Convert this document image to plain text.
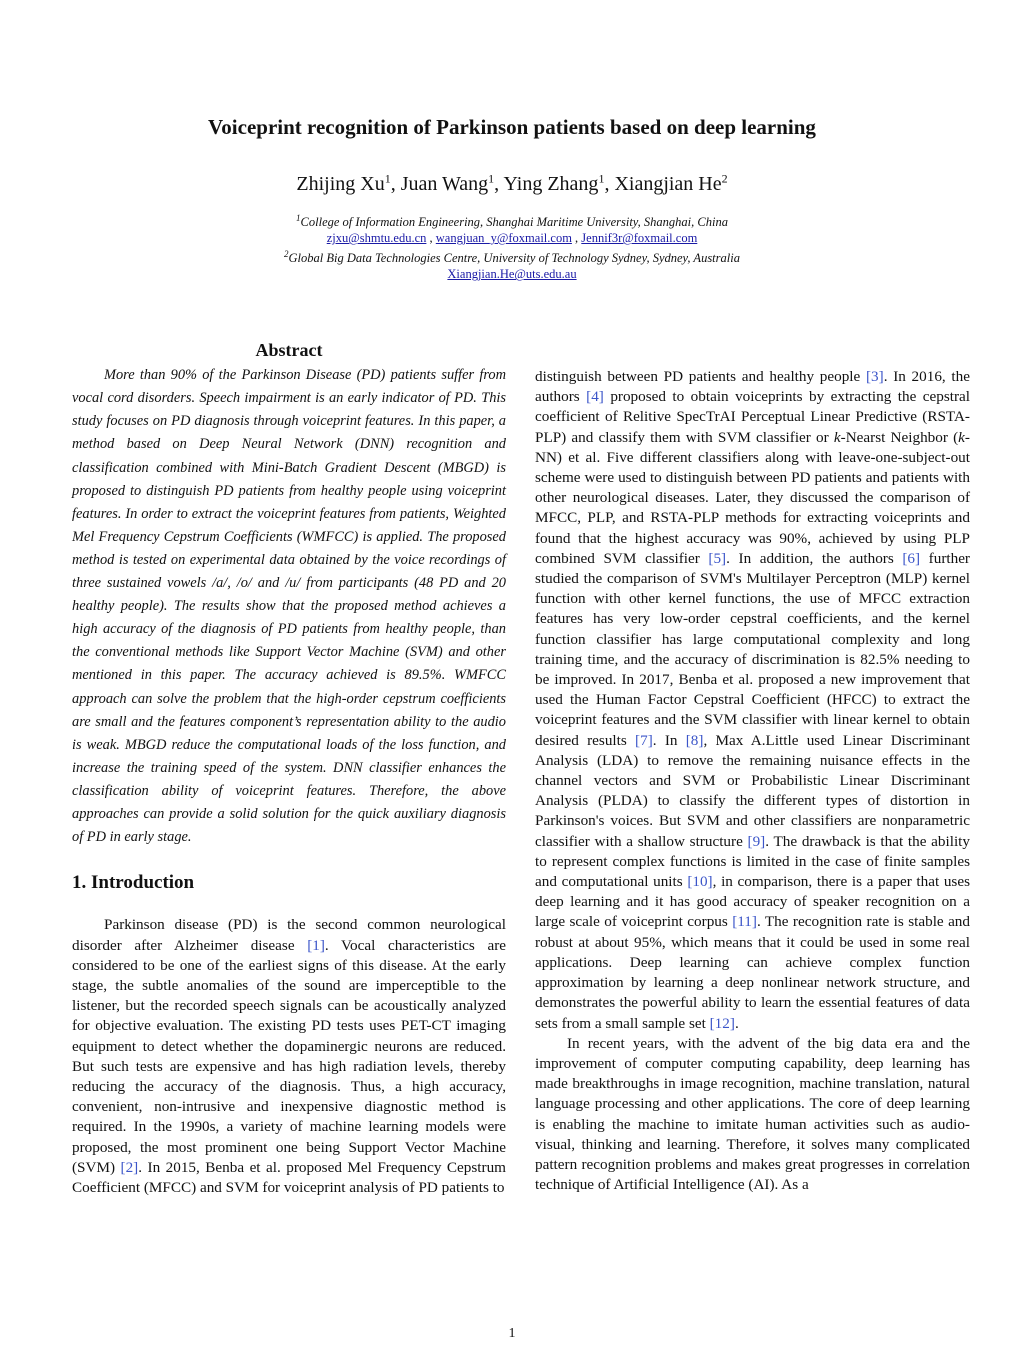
Voiceprint recognition of Parkinson patients based on deep learning
Zhijing Xu$^1$, Juan Wang$^1$, Ying Zhang$^1$, Xiangjian He$^2$
$^1$College of Information Engineering, Shanghai Maritime University, Shanghai, China
zjxu@shmtu.edu.cn , wangjuan_y@foxmail.com , Jennif3r@foxmail.com
$^2$Global Big Data Technologies Centre, University of Technology Sydney, Sydney, Australia
Xiangjian.He@uts.edu.au
Abstract

More than 90% of the Parkinson Disease (PD) patients suffer from vocal cord disorders. Speech impairment is an early indicator of PD. This study focuses on PD diagnosis through voiceprint features. In this paper, a method based on Deep Neural Network (DNN) recognition and classification combined with Mini-Batch Gradient Descent (MBGD) is proposed to distinguish PD patients from healthy people using voiceprint features. In order to extract the voiceprint features from patients, Weighted Mel Frequency Cepstrum Coefficients (WMFCC) is applied. The proposed method is tested on experimental data obtained by the voice recordings of three sustained vowels /a/, /o/ and /u/ from participants (48 PD and 20 healthy people). The results show that the proposed method achieves a high accuracy of the diagnosis of PD patients from healthy people, than the conventional methods like Support Vector Machine (SVM) and other mentioned in this paper. The accuracy achieved is 89.5%. WMFCC approach can solve the problem that the high-order cepstrum coefficients are small and the features component’s representation ability to the audio is weak. MBGD reduce the computational loads of the loss function, and increase the training speed of the system. DNN classifier enhances the classification ability of voiceprint features. Therefore, the above approaches can provide a solid solution for the quick auxiliary diagnosis of PD in early stage.

1. Introduction

Parkinson disease (PD) is the second common neurological disorder after Alzheimer disease [1]. Vocal characteristics are considered to be one of the earliest signs of this disease. At the early stage, the subtle anomalies of the sound are imperceptible to the listener, but the recorded speech signals can be acoustically analyzed for objective evaluation. The existing PD tests uses PET-CT imaging equipment to detect whether the dopaminergic neurons are reduced. But such tests are expensive and has high radiation levels, thereby reducing the accuracy of the diagnosis. Thus, a high accuracy, convenient, non-intrusive and inexpensive diagnostic method is required. In the 1990s, a variety of machine learning models were proposed, the most prominent one being Support Vector Machine (SVM) [2]. In 2015, Benba et al. proposed Mel Frequency Cepstrum Coefficient (MFCC) and SVM for voiceprint analysis of PD patients to

distinguish between PD patients and healthy people [3]. In 2016, the authors [4] proposed to obtain voiceprints by extracting the cepstral coefficient of Relitive SpecTrAI Perceptual Linear Predictive (RSTA-PLP) and classify them with SVM classifier or k-Nearst Neighbor (k-NN) et al. Five different classifiers along with leave-one-subject-out scheme were used to distinguish between PD patients and patients with other neurological diseases. Later, they discussed the comparison of MFCC, PLP, and RSTA-PLP methods for extracting voiceprints and found that the highest accuracy was 90%, achieved by using PLP combined SVM classifier [5]. In addition, the authors [6] further studied the comparison of SVM's Multilayer Perceptron (MLP) kernel function with other kernel functions, the use of MFCC extraction features has very low-order cepstral coefficients, and the kernel function classifier has large computational complexity and long training time, and the accuracy of discrimination is 82.5% needing to be improved. In 2017, Benba et al. proposed a new improvement that used the Human Factor Cepstral Coefficient (HFCC) to extract the voiceprint features and the SVM classifier with linear kernel to obtain desired results [7]. In [8], Max A.Little used Linear Discriminant Analysis (LDA) to remove the remaining nuisance effects in the channel vectors and SVM or Probabilistic Linear Discriminant Analysis (PLDA) to classify the different types of distortion in Parkinson's voices. But SVM and other classifiers are nonparametric classifier with a shallow structure [9]. The drawback is that the ability to represent complex functions is limited in the case of finite samples and computational units [10], in comparison, there is a paper that uses deep learning and it has good accuracy of speaker recognition on a large scale of voiceprint corpus [11]. The recognition rate is stable and robust at about 95%, which means that it could be used in some real applications. Deep learning can achieve complex function approximation by learning a deep nonlinear network structure, and demonstrates the powerful ability to learn the essential features of data sets from a small sample set [12].

In recent years, with the advent of the big data era and the improvement of computer computing capability, deep learning has made breakthroughs in image recognition, machine translation, natural language processing and other applications. The core of deep learning is enabling the machine to imitate human activities such as audio-visual, thinking and learning. Therefore, it solves many complicated pattern recognition problems and makes great progresses in correlation technique of Artificial Intelligence (AI). As a

1
